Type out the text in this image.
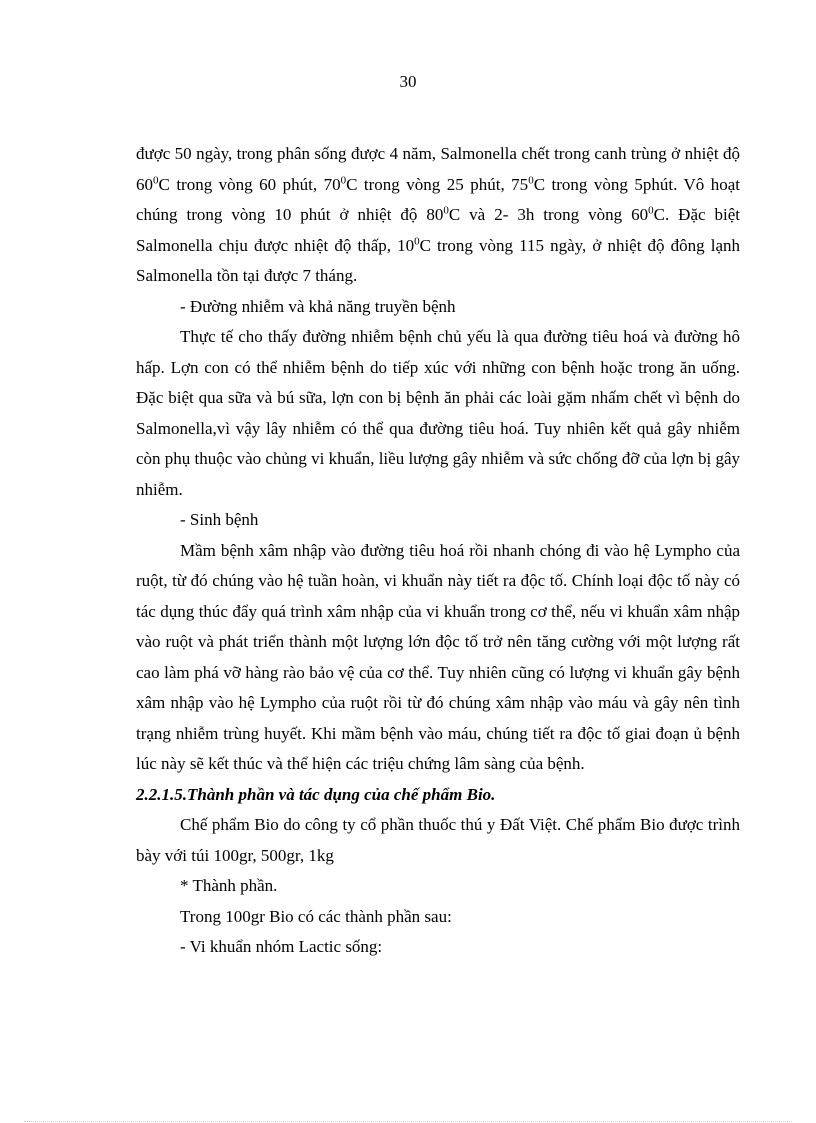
30

được 50 ngày, trong phân sống được 4 năm, Salmonella chết trong canh trùng ở nhiệt độ $60^0C$ trong vòng 60 phút, $70^0C$ trong vòng 25 phút, $75^0C$ trong vòng 5phút. Vô hoạt chúng trong vòng 10 phút ở nhiệt độ $80^0C$ và 2- 3h trong vòng $60^0C$. Đặc biệt Salmonella chịu được nhiệt độ thấp, $10^0C$ trong vòng 115 ngày, ở nhiệt độ đông lạnh Salmonella tồn tại được 7 tháng.

- Đường nhiễm và khả năng truyền bệnh

Thực tế cho thấy đường nhiễm bệnh chủ yếu là qua đường tiêu hoá và đường hô hấp. Lợn con có thể nhiễm bệnh do tiếp xúc với những con bệnh hoặc trong ăn uống. Đặc biệt qua sữa và bú sữa, lợn con bị bệnh ăn phải các loài gặm nhấm chết vì bệnh do Salmonella,vì vậy lây nhiễm có thể qua đường tiêu hoá. Tuy nhiên kết quả gây nhiễm còn phụ thuộc vào chủng vi khuẩn, liều lượng gây nhiễm và sức chống đỡ của lợn bị gây nhiễm.

- Sinh bệnh

Mầm bệnh xâm nhập vào đường tiêu hoá rồi nhanh chóng đi vào hệ Lympho của ruột, từ đó chúng vào hệ tuần hoàn, vi khuẩn này tiết ra độc tố. Chính loại độc tố này có tác dụng thúc đẩy quá trình xâm nhập của vi khuẩn trong cơ thể, nếu vi khuẩn xâm nhập vào ruột và phát triển thành một lượng lớn độc tố trở nên tăng cường với một lượng rất cao làm phá vỡ hàng rào bảo vệ của cơ thể. Tuy nhiên cũng có lượng vi khuẩn gây bệnh xâm nhập vào hệ Lympho của ruột rồi từ đó chúng xâm nhập vào máu và gây nên tình trạng nhiễm trùng huyết. Khi mầm bệnh vào máu, chúng tiết ra độc tố giai đoạn ủ bệnh lúc này sẽ kết thúc và thể hiện các triệu chứng lâm sàng của bệnh.

2.2.1.5.Thành phần và tác dụng của chế phẩm Bio.

Chế phẩm Bio do công ty cổ phần thuốc thú y Đất Việt. Chế phẩm Bio được trình bày với túi 100gr, 500gr, 1kg

* Thành phần.

Trong 100gr Bio có các thành phần sau:

- Vi khuẩn nhóm Lactic sống:
